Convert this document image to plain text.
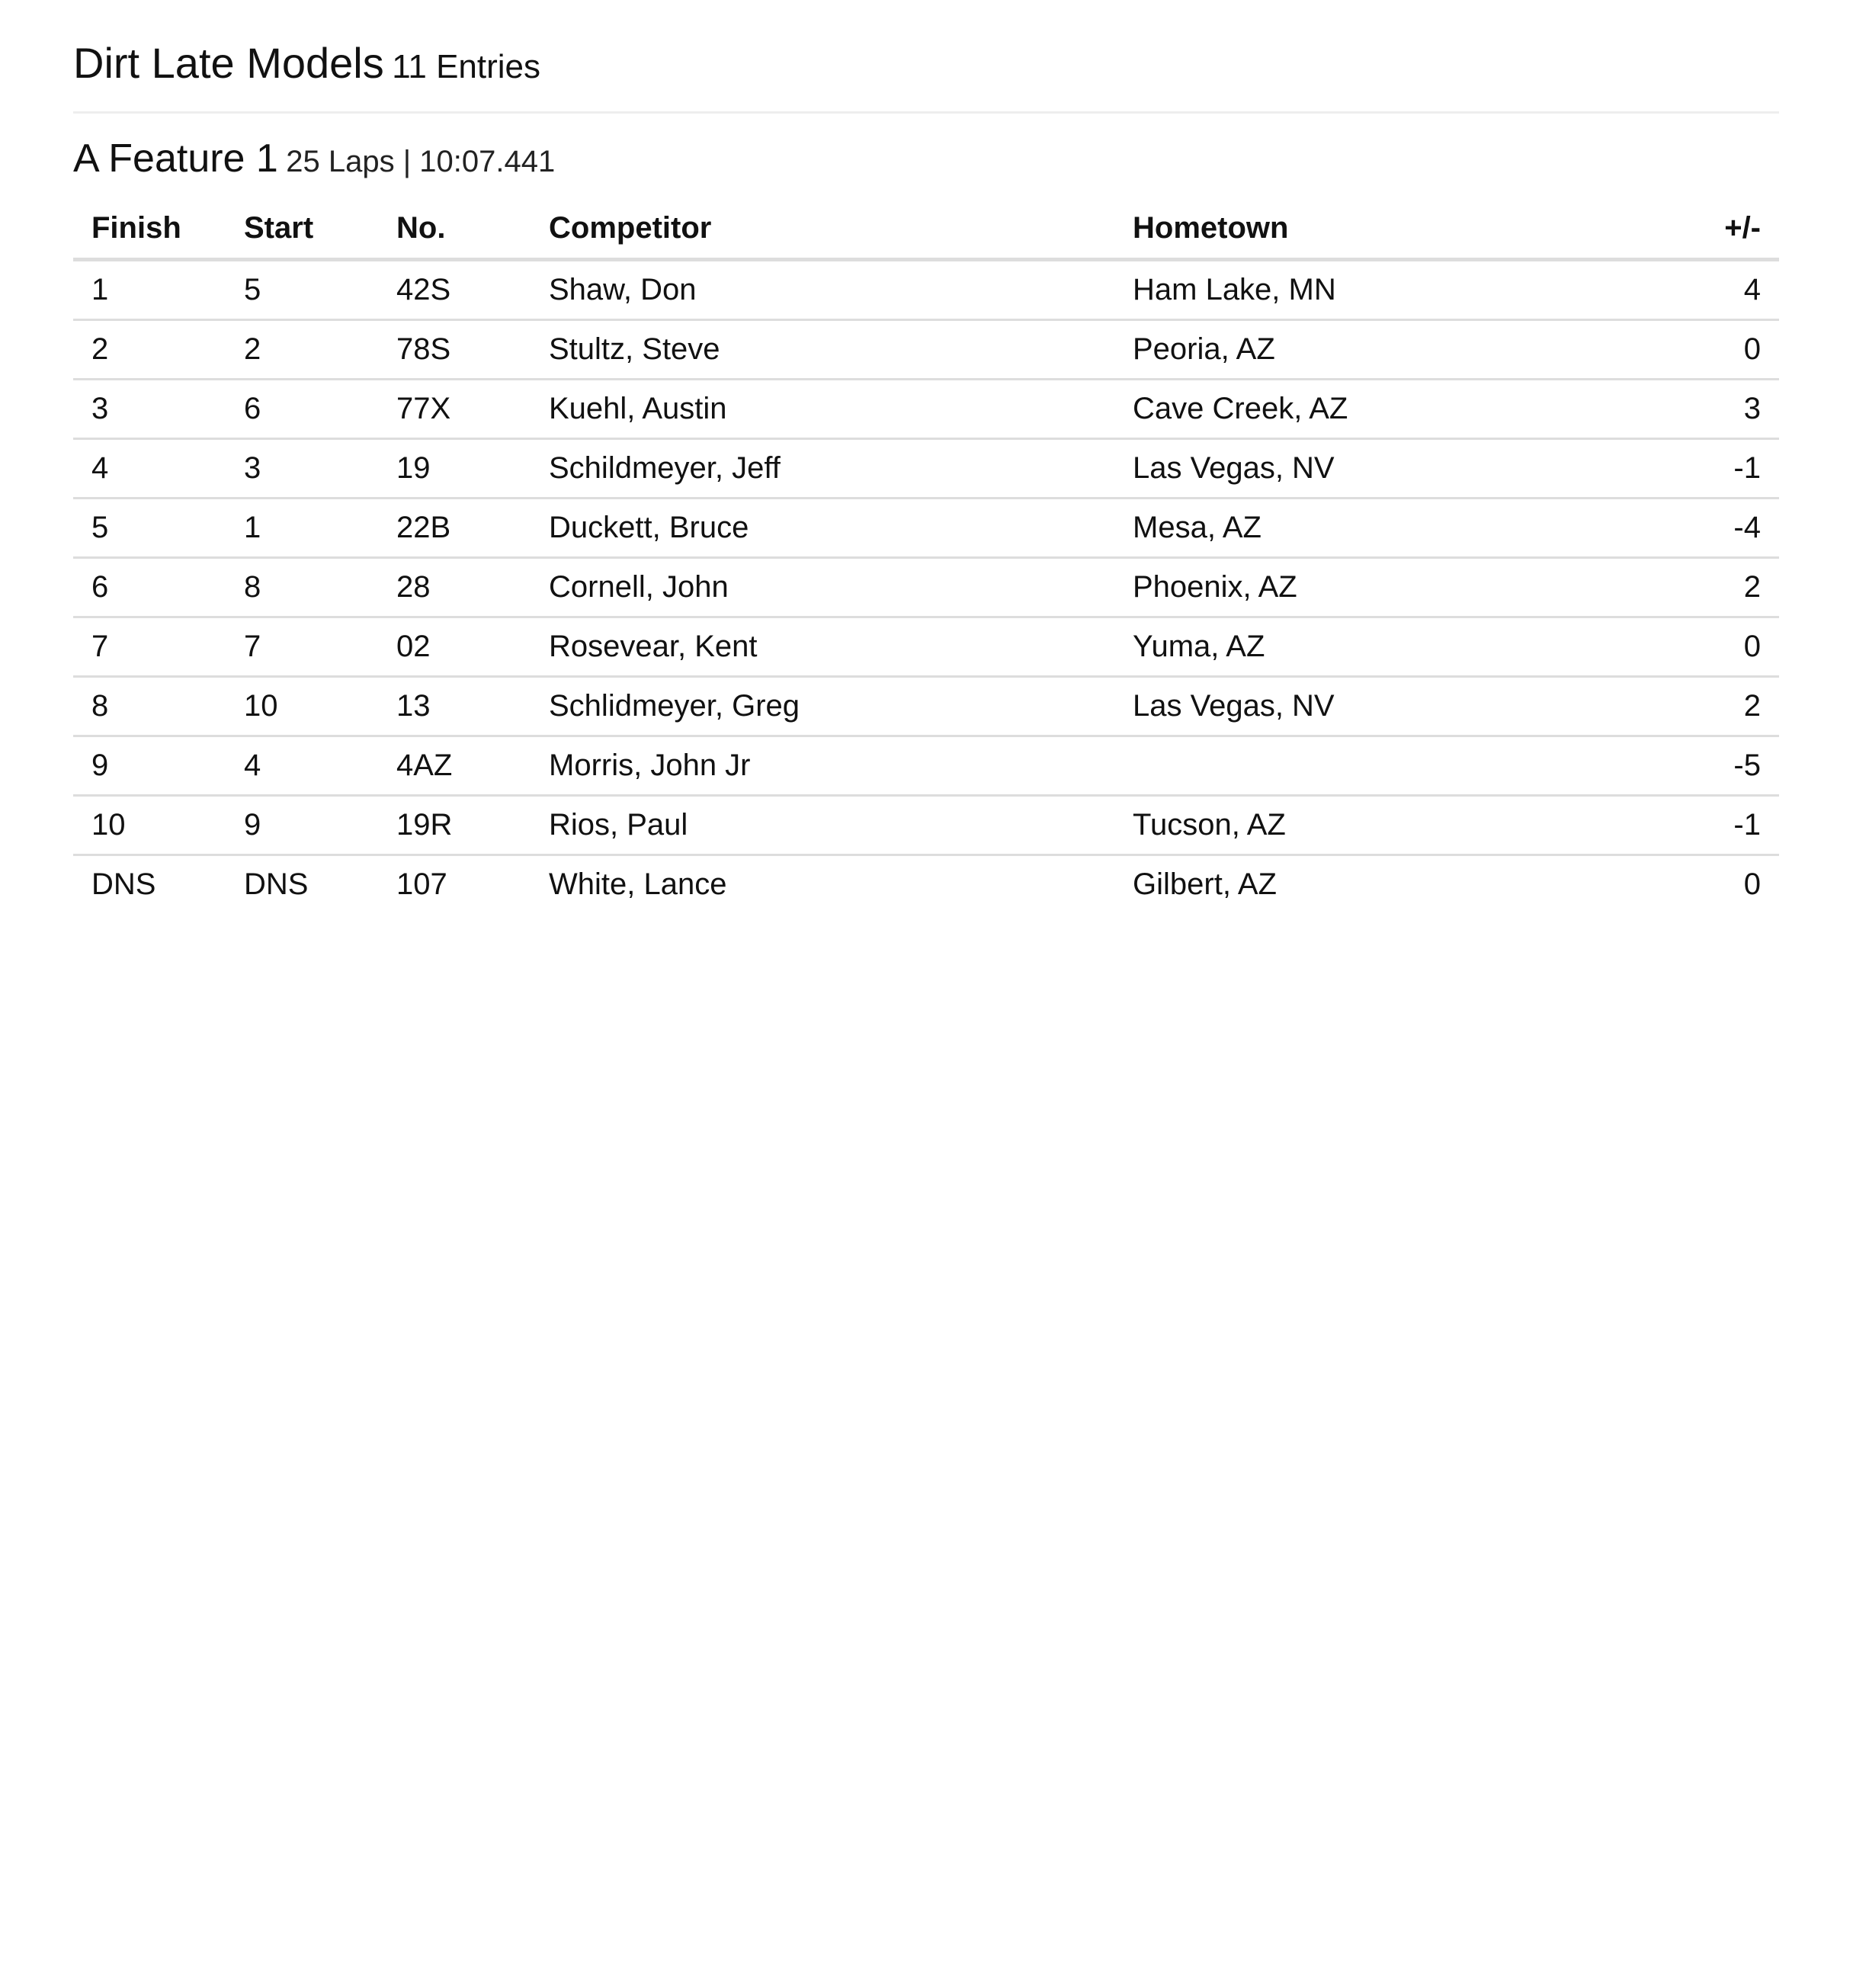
Dirt Late Models 11 Entries
A Feature 1 25 Laps | 10:07.441
Finish	Start	No.	Competitor	Hometown	+/-
1	5	42S	Shaw, Don	Ham Lake, MN	4
2	2	78S	Stultz, Steve	Peoria, AZ	0
3	6	77X	Kuehl, Austin	Cave Creek, AZ	3
4	3	19	Schildmeyer, Jeff	Las Vegas, NV	-1
5	1	22B	Duckett, Bruce	Mesa, AZ	-4
6	8	28	Cornell, John	Phoenix, AZ	2
7	7	02	Rosevear, Kent	Yuma, AZ	0
8	10	13	Schlidmeyer, Greg	Las Vegas, NV	2
9	4	4AZ	Morris, John Jr		-5
10	9	19R	Rios, Paul	Tucson, AZ	-1
DNS	DNS	107	White, Lance	Gilbert, AZ	0
